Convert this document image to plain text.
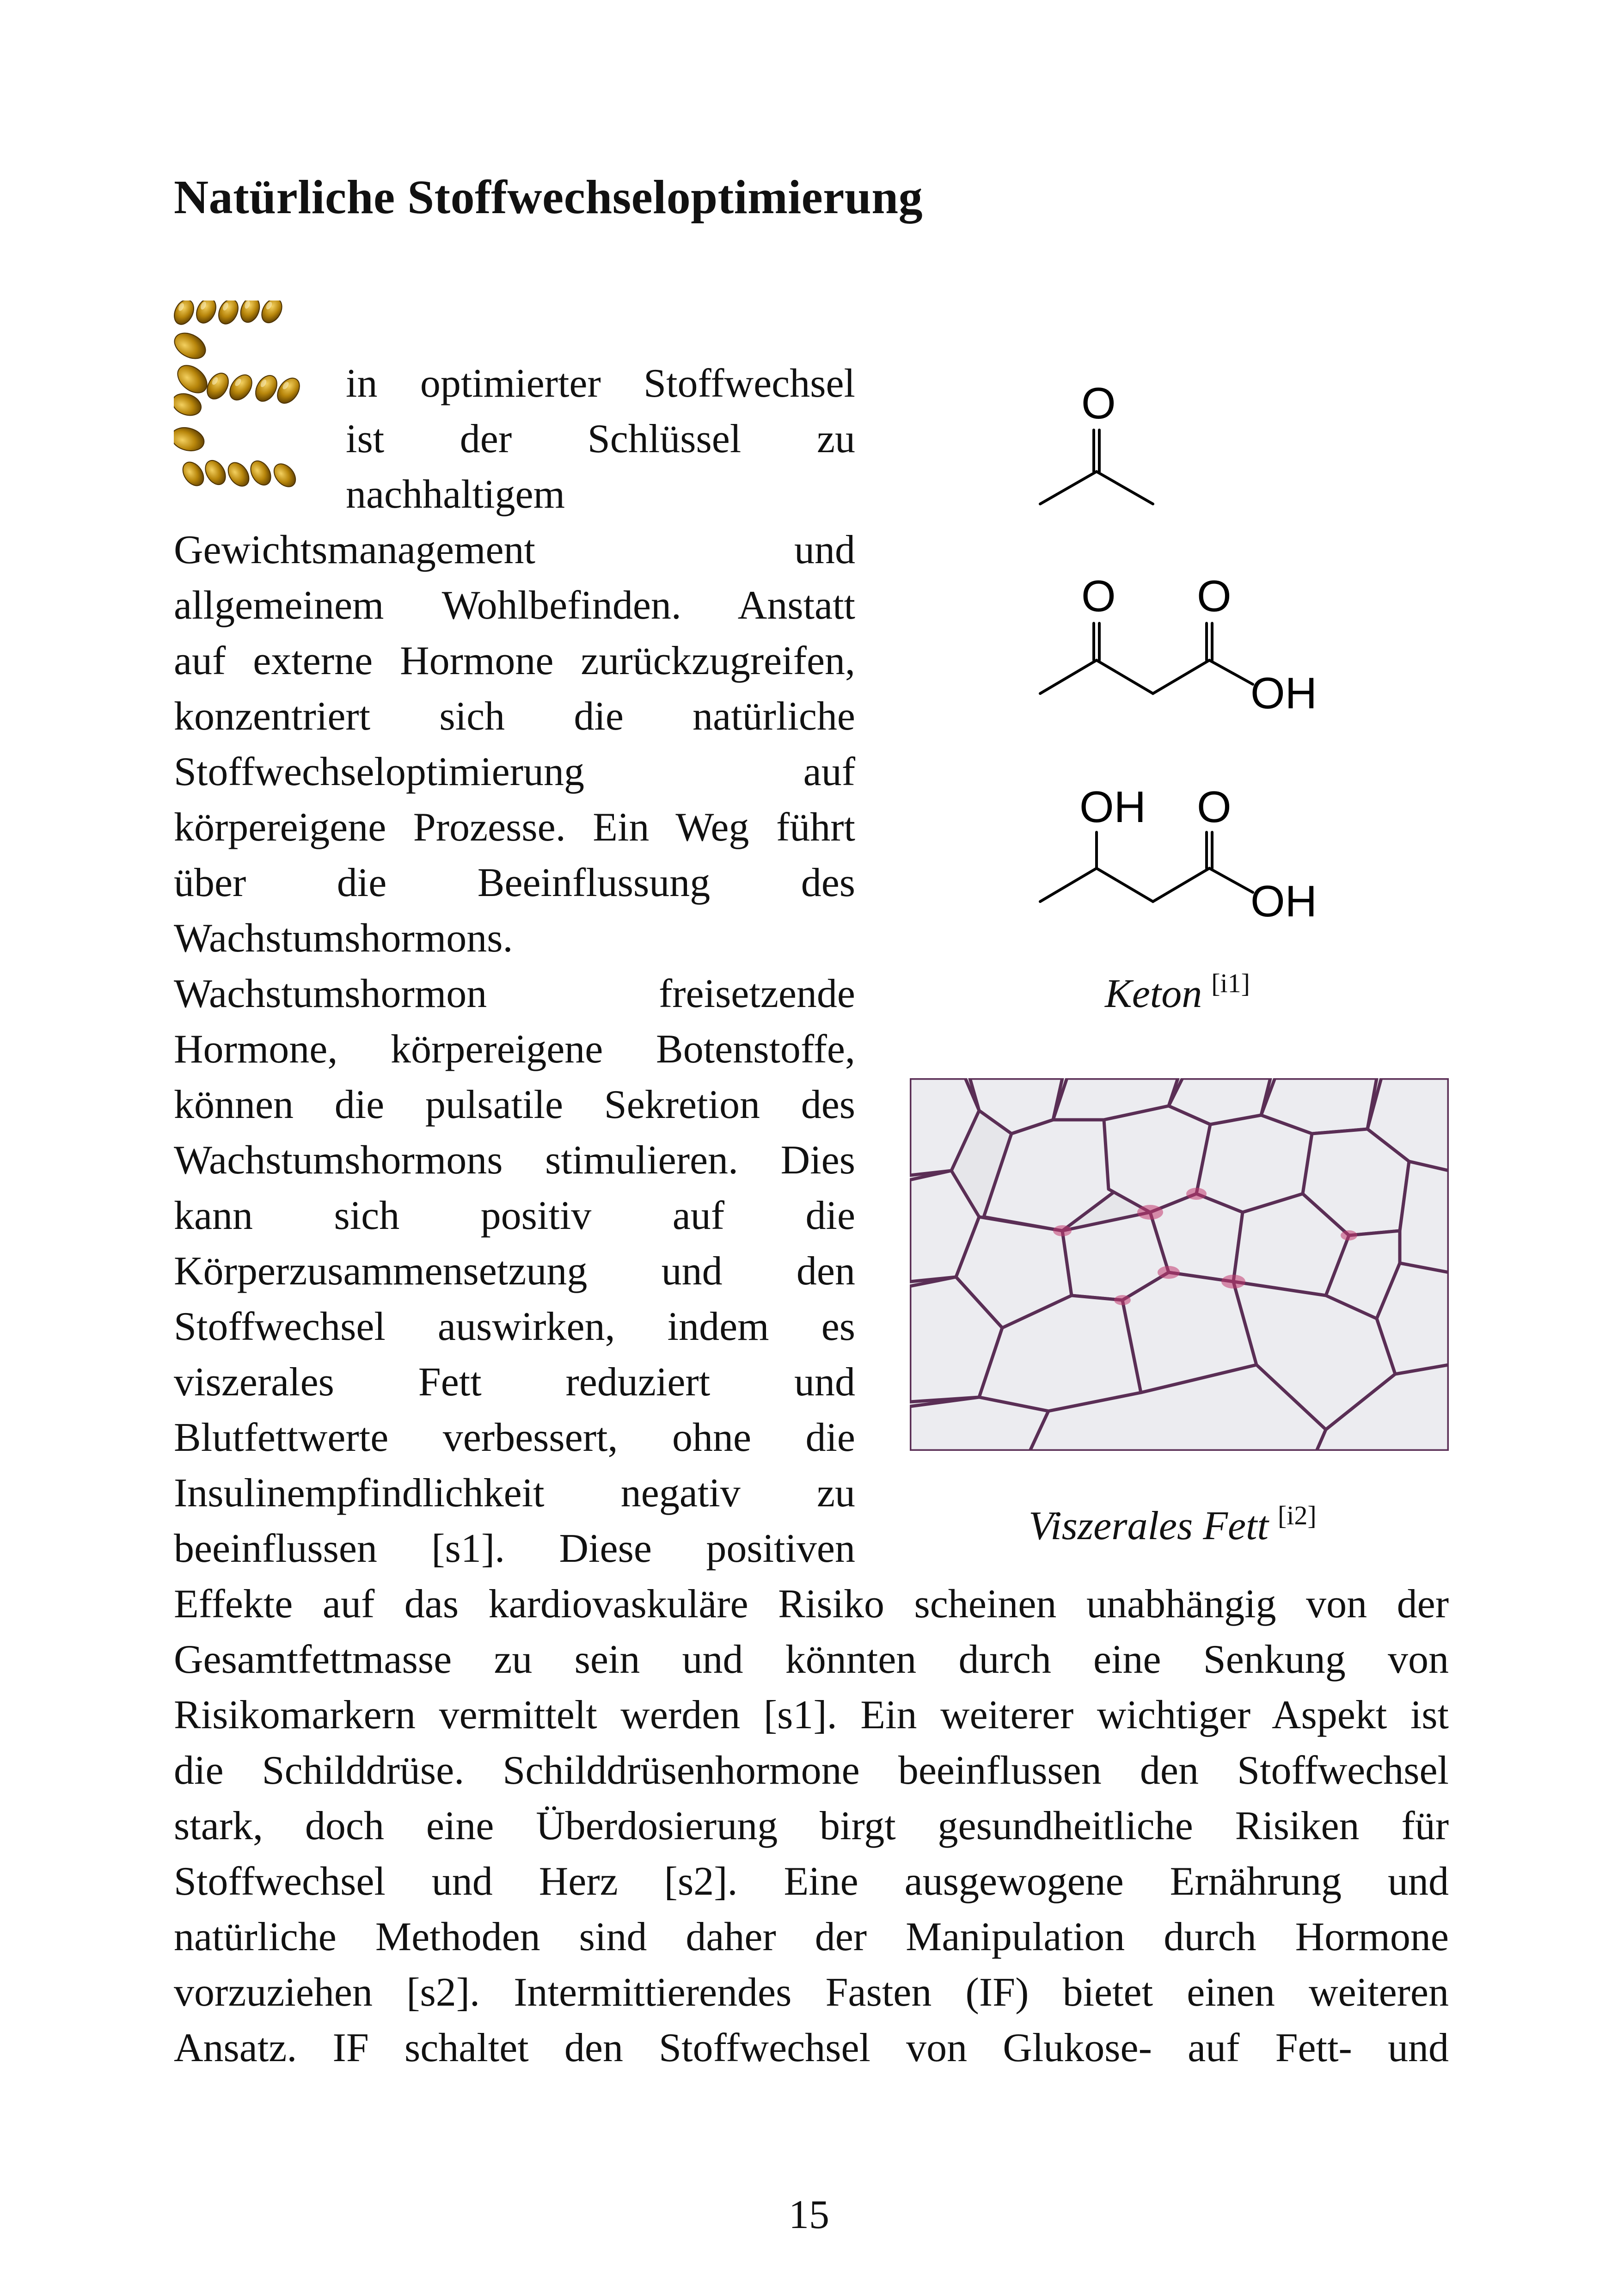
Natürliche Stoffwechseloptimierung

in optimierter Stoffwechsel

ist der Schlüssel zu

nachhaltigem

Gewichtsmanagement und

allgemeinem Wohlbefinden. Anstatt

auf externe Hormone zurückzugreifen,

konzentriert sich die natürliche

Stoffwechseloptimierung auf

körpereigene Prozesse. Ein Weg führt

über die Beeinflussung des

Wachstumshormons.

Wachstumshormon freisetzende

Hormone, körpereigene Botenstoffe,

können die pulsatile Sekretion des

Wachstumshormons stimulieren. Dies

kann sich positiv auf die

Körperzusammensetzung und den

Stoffwechsel auswirken, indem es

viszerales Fett reduziert und

Blutfettwerte verbessert, ohne die

Insulinempfindlichkeit negativ zu

beeinflussen [s1]. Diese positiven

Effekte auf das kardiovaskuläre Risiko scheinen unabhängig von der

Gesamtfettmasse zu sein und könnten durch eine Senkung von

Risikomarkern vermittelt werden [s1]. Ein weiterer wichtiger Aspekt ist

die Schilddrüse. Schilddrüsenhormone beeinflussen den Stoffwechsel

stark, doch eine Überdosierung birgt gesundheitliche Risiken für

Stoffwechsel und Herz [s2]. Eine ausgewogene Ernährung und

natürliche Methoden sind daher der Manipulation durch Hormone

vorzuziehen [s2]. Intermittierendes Fasten (IF) bietet einen weiteren

Ansatz. IF schaltet den Stoffwechsel von Glukose- auf Fett- und

O
O O
OH
OH O
OH
Keton [i1]
Viszerales Fett [i2]
15
